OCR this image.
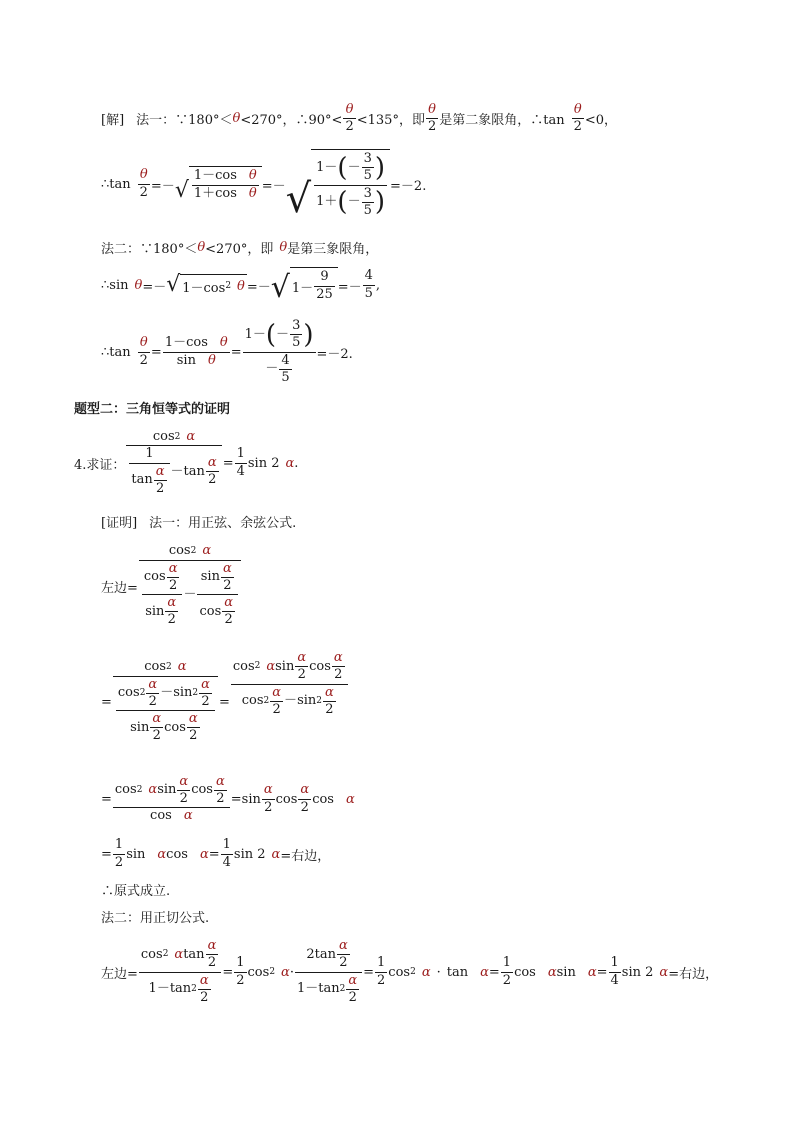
[解] 法一：∵180°＜ θ <270°，∴90°< $\frac{\theta}{2} <135^\circ$，即 $\frac{\theta}{2}$ 是第二象限角，∴tan $\frac{\theta}{2} <0$，
∴tan $\frac{\theta}{2}$ =－ √ $\frac{\text{1－cos θ}}{\text{1＋cos θ}}$ =－ √ $\frac{1- ( - \frac{3}{5} )}{1+ ( - \frac{3}{5} )} =-2$.
法二：∵180°＜ θ <270°，即 θ 是第三象限角，
∴sin θ =－ √ 1－cos 2 θ =－ √ $1- \frac{9}{25} =- \frac{4}{5}$ ,
∴tan $\frac{\theta}{2} = \frac{\text{1－cos θ}}{\text{sin θ}} = \frac{1- ( - \frac{3}{5} )}{- \frac{4}{5}} =-2$.
题型二：三角恒等式的证明
4.求证： $\frac{\cos 2 \alpha}{\frac{1}{\tan \frac{\alpha}{2}} -\tan \frac{\alpha}{2}} = \frac{1}{4}$ sin 2 α .
[证明] 法一：用正弦、余弦公式.
左边= $\frac{\cos 2 \alpha}{\frac{\cos \frac{\alpha}{2}}{\sin \frac{\alpha}{2}} - \frac{\sin \frac{\alpha}{2}}{\cos \frac{\alpha}{2}}}$
= $\frac{\cos 2 \alpha}{\frac{\cos 2 \frac{\alpha}{2} - \sin 2 \frac{\alpha}{2}}{\sin \frac{\alpha}{2} \cos \frac{\alpha}{2}}} = \frac{\cos 2 \alpha \sin \frac{\alpha}{2} \cos \frac{\alpha}{2}}{\cos 2 \frac{\alpha}{2} - \sin 2 \frac{\alpha}{2}}$
= $\frac{\cos 2 \alpha \sin \frac{\alpha}{2} \cos \frac{\alpha}{2}}{\text{cos α}} = \sin \frac{\alpha}{2}$ $\cos \frac{\alpha}{2}$ cos α
= $\frac{1}{2}$ sin α $\cos \alpha = \frac{1}{4}$ sin 2 α =右边，
∴原式成立.
法二：用正切公式.
左边= $\frac{\cos 2 \alpha \tan \frac{\alpha}{2}}{1-\tan 2 \frac{\alpha}{2}} = \frac{1}{2}$ cos 2 $\alpha \cdot \frac{2\tan \frac{\alpha}{2}}{1-\tan 2 \frac{\alpha}{2}} = \frac{1}{2}$ cos 2 $\alpha \cdot \tan \alpha = \frac{1}{2}$ cos α $\sin \alpha = \frac{1}{4}$ sin 2 α =右边，
